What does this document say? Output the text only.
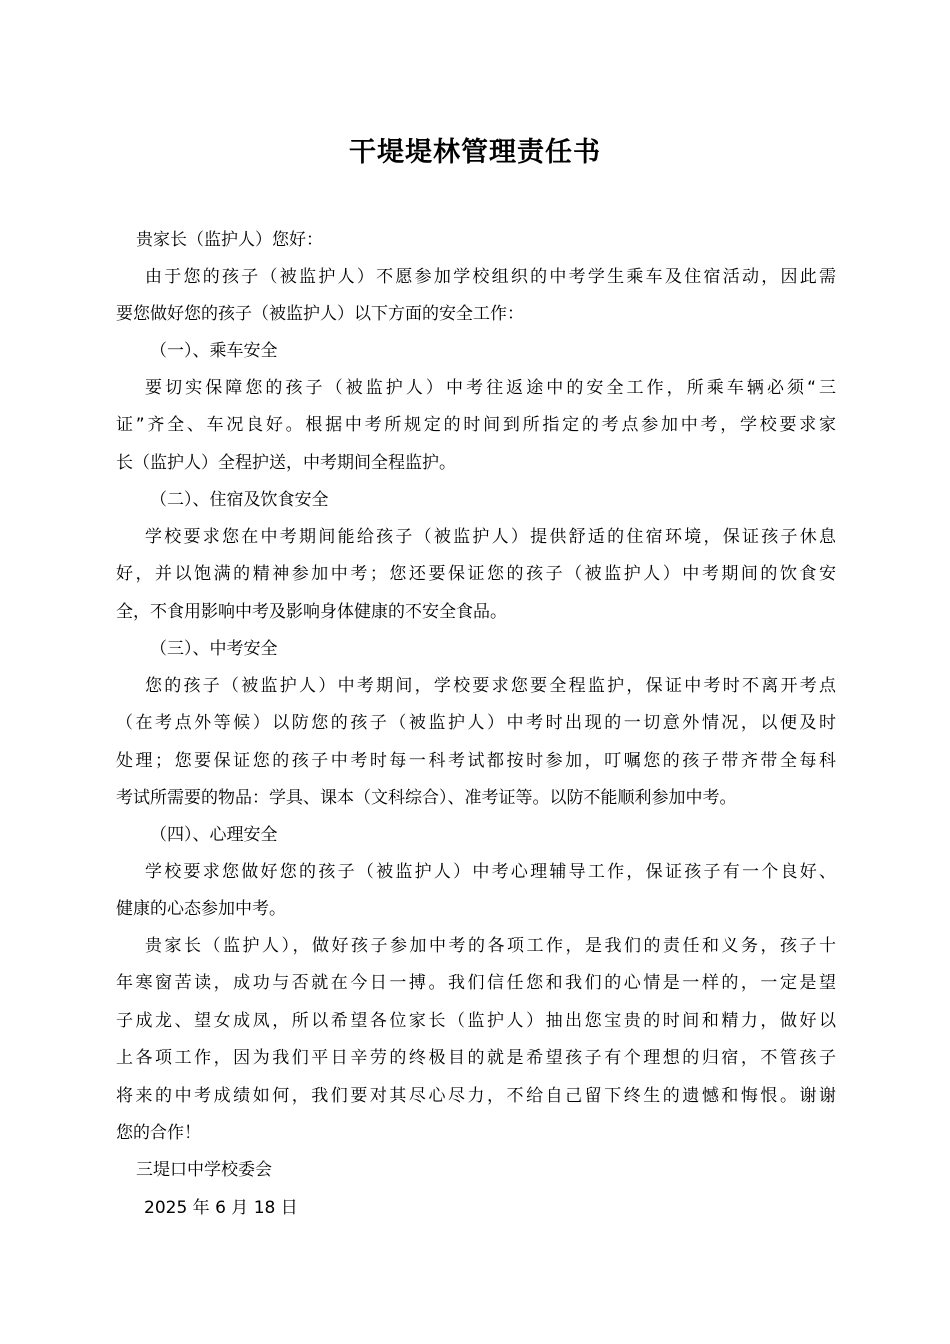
干堤堤林管理责任书
贵家长（监护人）您好：
由于您的孩子（被监护人）不愿参加学校组织的中考学生乘车及住宿活动，因此需
要您做好您的孩子（被监护人）以下方面的安全工作：
（一）、乘车安全
要切实保障您的孩子（被监护人）中考往返途中的安全工作，所乘车辆必须“三
证”齐全、车况良好。根据中考所规定的时间到所指定的考点参加中考，学校要求家
长（监护人）全程护送，中考期间全程监护。
（二）、住宿及饮食安全
学校要求您在中考期间能给孩子（被监护人）提供舒适的住宿环境，保证孩子休息
好，并以饱满的精神参加中考；您还要保证您的孩子（被监护人）中考期间的饮食安
全，不食用影响中考及影响身体健康的不安全食品。
（三）、中考安全
您的孩子（被监护人）中考期间，学校要求您要全程监护，保证中考时不离开考点
（在考点外等候）以防您的孩子（被监护人）中考时出现的一切意外情况，以便及时
处理；您要保证您的孩子中考时每一科考试都按时参加，叮嘱您的孩子带齐带全每科
考试所需要的物品：学具、课本（文科综合）、准考证等。以防不能顺利参加中考。
（四）、心理安全
学校要求您做好您的孩子（被监护人）中考心理辅导工作，保证孩子有一个良好、
健康的心态参加中考。
贵家长（监护人），做好孩子参加中考的各项工作，是我们的责任和义务，孩子十
年寒窗苦读，成功与否就在今日一搏。我们信任您和我们的心情是一样的，一定是望
子成龙、望女成凤，所以希望各位家长（监护人）抽出您宝贵的时间和精力，做好以
上各项工作，因为我们平日辛劳的终极目的就是希望孩子有个理想的归宿，不管孩子
将来的中考成绩如何，我们要对其尽心尽力，不给自己留下终生的遗憾和悔恨。谢谢
您的合作！
三堤口中学校委会
2025 年 6 月 18 日
